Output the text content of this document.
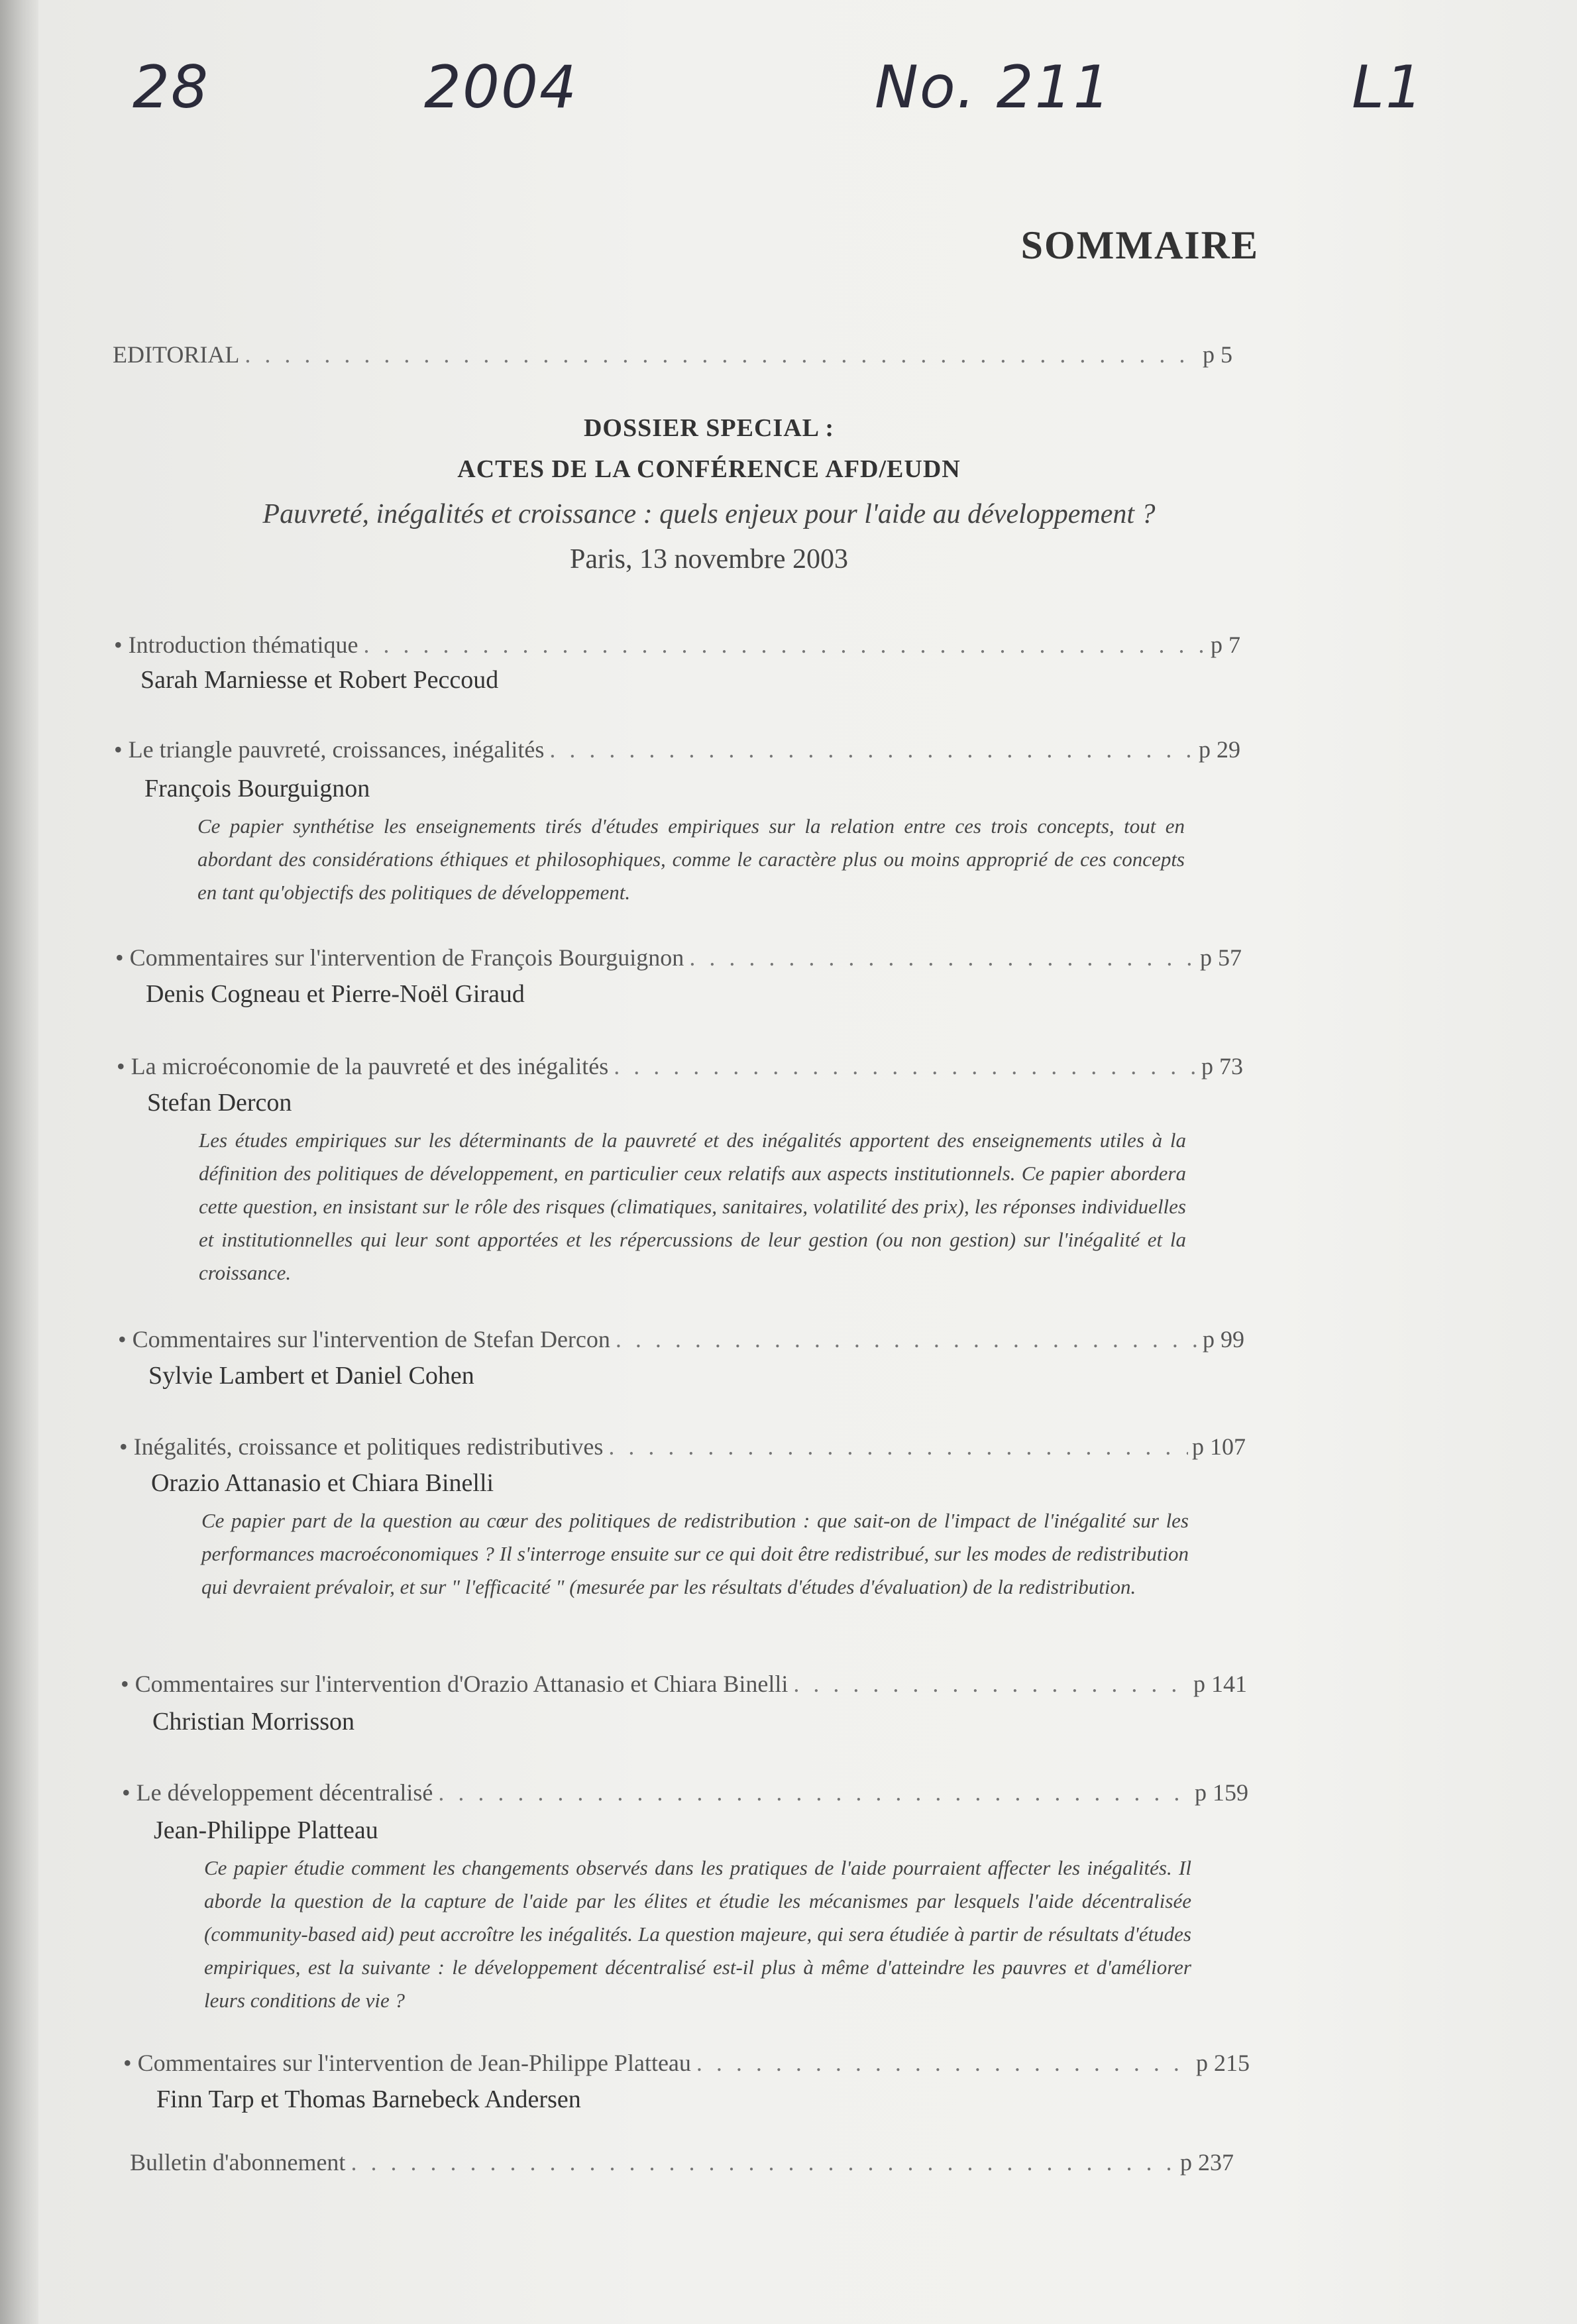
28	2004	No. 211	L1
SOMMAIRE
EDITORIAL . . .	p 5
DOSSIER SPECIAL :
ACTES DE LA CONFÉRENCE AFD/EUDN
Pauvreté, inégalités et croissance : quels enjeux pour l'aide au développement ?
Paris, 13 novembre 2003
• Introduction thématique . . .	p 7
Sarah Marniesse et Robert Peccoud
• Le triangle pauvreté, croissances, inégalités . . .	p 29
François Bourguignon
Ce papier synthétise les enseignements tirés d'études empiriques sur la relation entre ces trois concepts, tout en abordant des considérations éthiques et philosophiques, comme le caractère plus ou moins approprié de ces concepts en tant qu'objectifs des politiques de développement.
• Commentaires sur l'intervention de François Bourguignon . . .	p 57
Denis Cogneau et Pierre-Noël Giraud
• La microéconomie de la pauvreté et des inégalités . . .	p 73
Stefan Dercon
Les études empiriques sur les déterminants de la pauvreté et des inégalités apportent des enseignements utiles à la définition des politiques de développement, en particulier ceux relatifs aux aspects institutionnels. Ce papier abordera cette question, en insistant sur le rôle des risques (climatiques, sanitaires, volatilité des prix), les réponses individuelles et institutionnelles qui leur sont apportées et les répercussions de leur gestion (ou non gestion) sur l'inégalité et la croissance.
• Commentaires sur l'intervention de Stefan Dercon . . .	p 99
Sylvie Lambert et Daniel Cohen
• Inégalités, croissance et politiques redistributives . . .	p 107
Orazio Attanasio et Chiara Binelli
Ce papier part de la question au cœur des politiques de redistribution : que sait-on de l'impact de l'inégalité sur les performances macroéconomiques ? Il s'interroge ensuite sur ce qui doit être redistribué, sur les modes de redistribution qui devraient prévaloir, et sur " l'efficacité " (mesurée par les résultats d'études d'évaluation) de la redistribution.
• Commentaires sur l'intervention d'Orazio Attanasio et Chiara Binelli . . .	p 141
Christian Morrisson
• Le développement décentralisé . . .	p 159
Jean-Philippe Platteau
Ce papier étudie comment les changements observés dans les pratiques de l'aide pourraient affecter les inégalités. Il aborde la question de la capture de l'aide par les élites et étudie les mécanismes par lesquels l'aide décentralisée (community-based aid) peut accroître les inégalités. La question majeure, qui sera étudiée à partir de résultats d'études empiriques, est la suivante : le développement décentralisé est-il plus à même d'atteindre les pauvres et d'améliorer leurs conditions de vie ?
• Commentaires sur l'intervention de Jean-Philippe Platteau . . .	p 215
Finn Tarp et Thomas Barnebeck Andersen
Bulletin d'abonnement . . .	p 237
